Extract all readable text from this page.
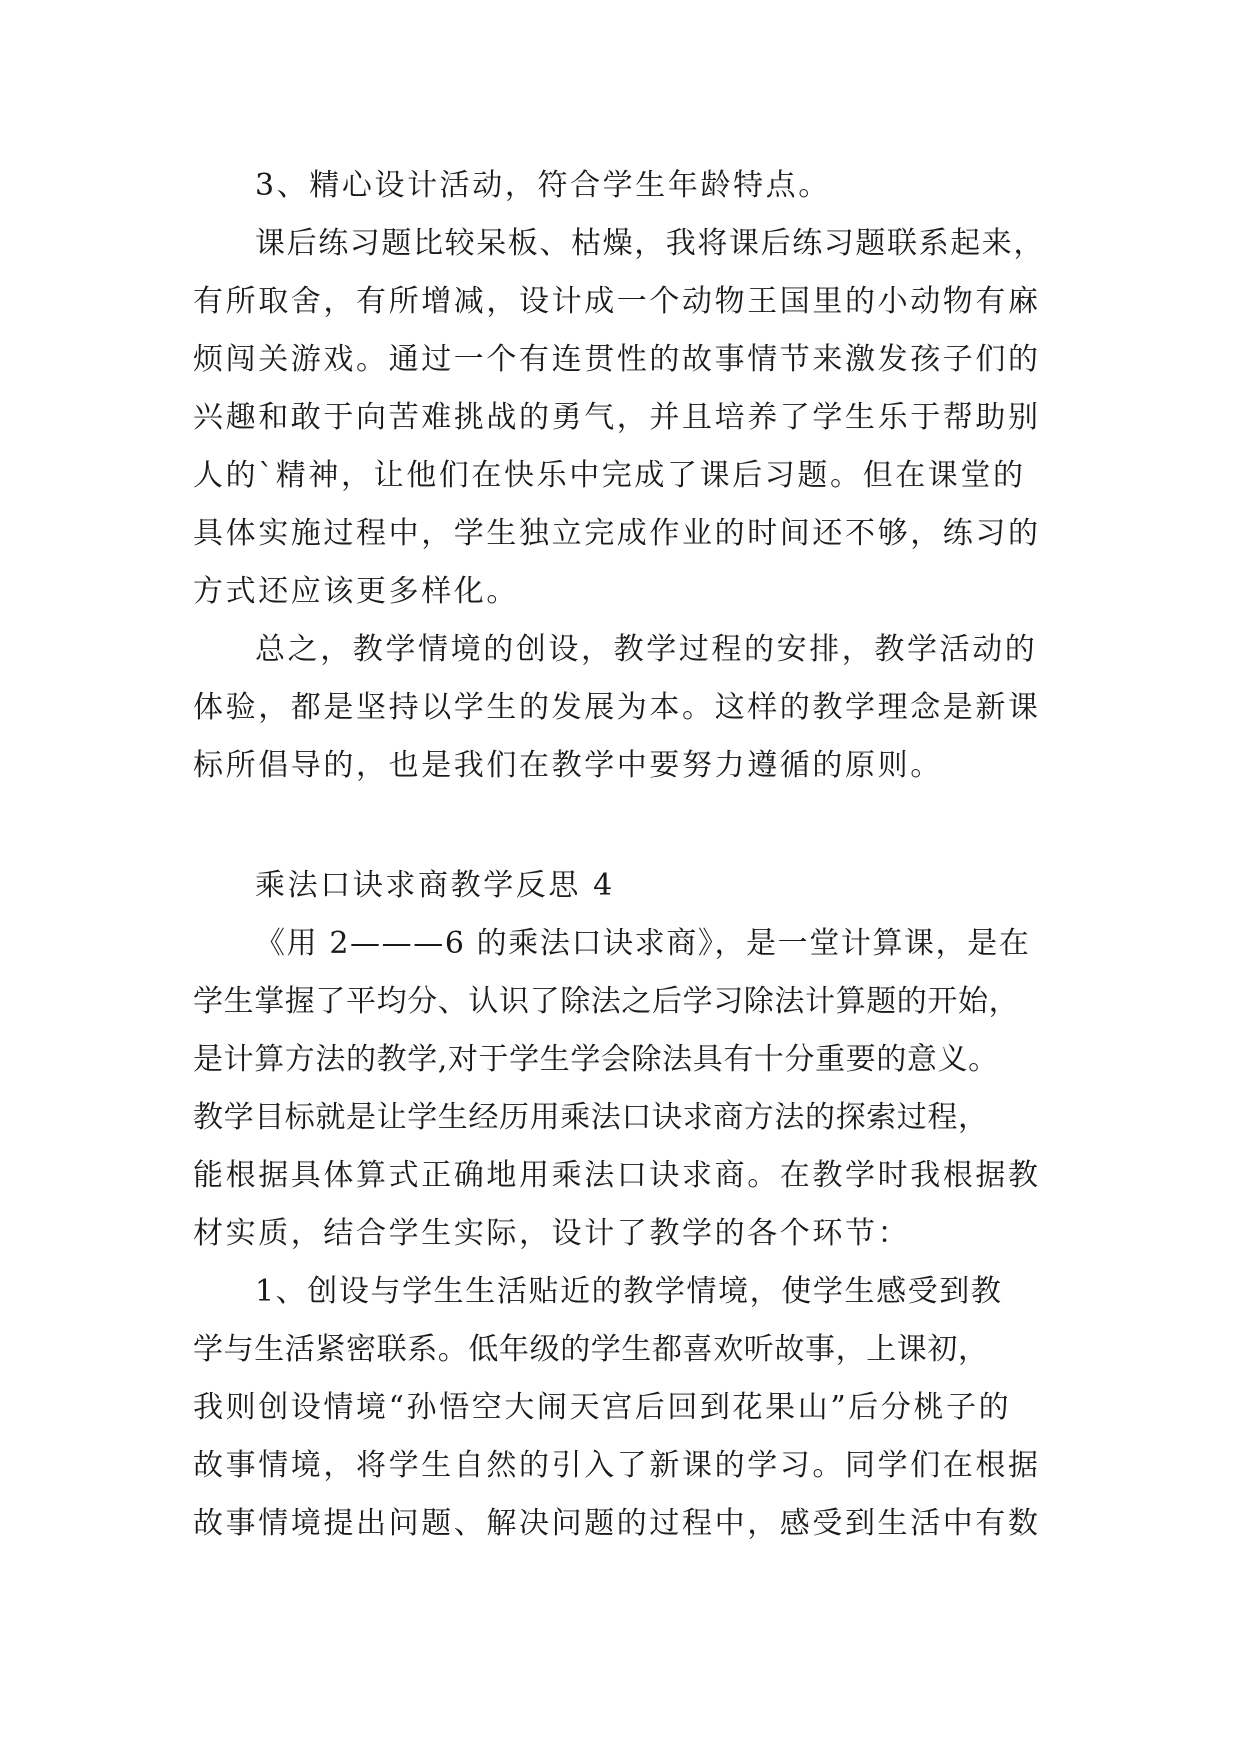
3、精心设计活动，符合学生年龄特点。
课后练习题比较呆板、枯燥，我将课后练习题联系起来，
有所取舍，有所增减，设计成一个动物王国里的小动物有麻
烦闯关游戏。通过一个有连贯性的故事情节来激发孩子们的
兴趣和敢于向苦难挑战的勇气，并且培养了学生乐于帮助别
人的`精神，让他们在快乐中完成了课后习题。但在课堂的
具体实施过程中，学生独立完成作业的时间还不够，练习的
方式还应该更多样化。
总之，教学情境的创设，教学过程的安排，教学活动的
体验，都是坚持以学生的发展为本。这样的教学理念是新课
标所倡导的，也是我们在教学中要努力遵循的原则。
乘法口诀求商教学反思 4
《用 2———6 的乘法口诀求商》，是一堂计算课，是在
学生掌握了平均分、认识了除法之后学习除法计算题的开始，
是计算方法的教学,对于学生学会除法具有十分重要的意义。
教学目标就是让学生经历用乘法口诀求商方法的探索过程，
能根据具体算式正确地用乘法口诀求商。在教学时我根据教
材实质，结合学生实际，设计了教学的各个环节：
1、创设与学生生活贴近的教学情境，使学生感受到教
学与生活紧密联系。低年级的学生都喜欢听故事，上课初，
我则创设情境“孙悟空大闹天宫后回到花果山”后分桃子的
故事情境，将学生自然的引入了新课的学习。同学们在根据
故事情境提出问题、解决问题的过程中，感受到生活中有数
